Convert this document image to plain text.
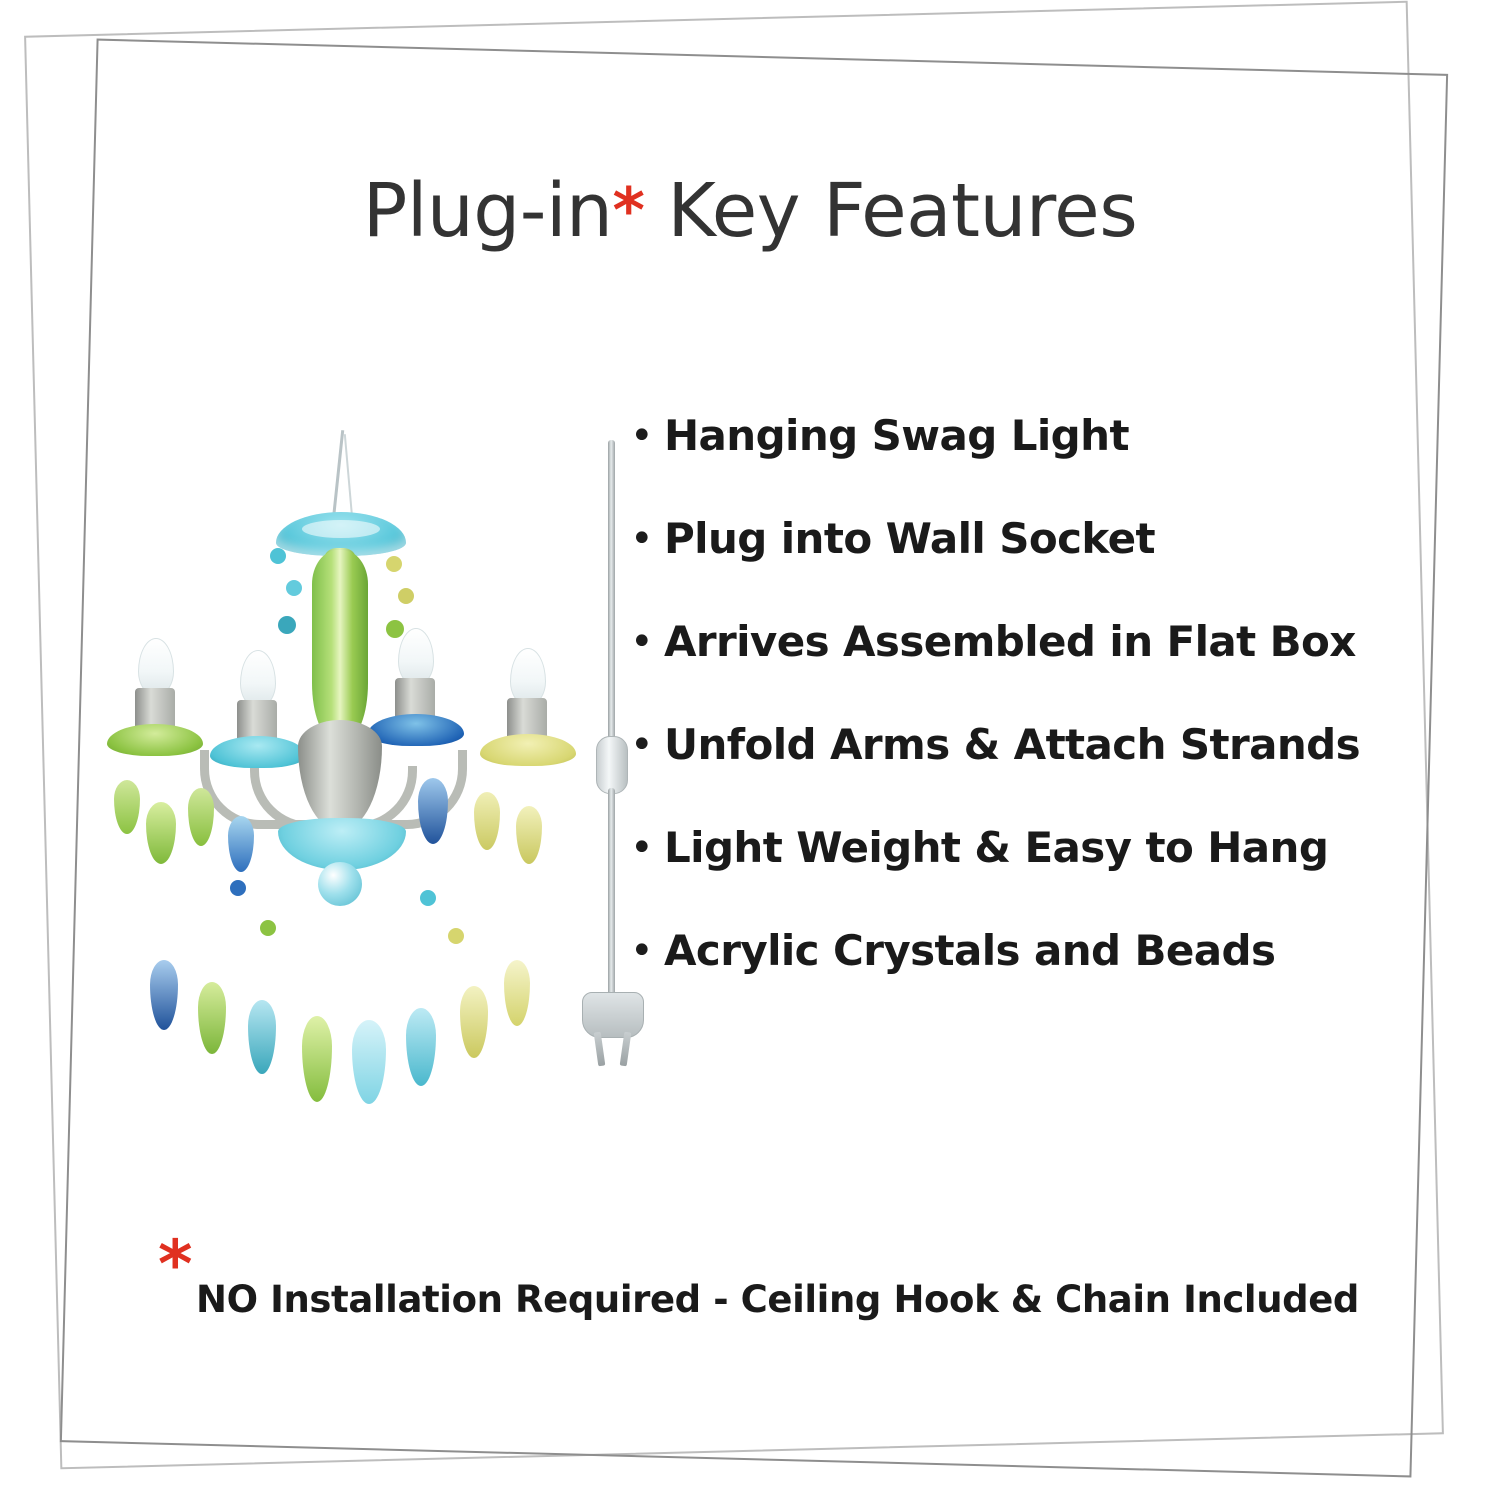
Plug-in* Key Features
• Hanging Swag Light
• Plug into Wall Socket
• Arrives Assembled in Flat Box
• Unfold Arms & Attach Strands
• Light Weight & Easy to Hang
• Acrylic Crystals and Beads
* NO Installation Required - Ceiling Hook & Chain Included
